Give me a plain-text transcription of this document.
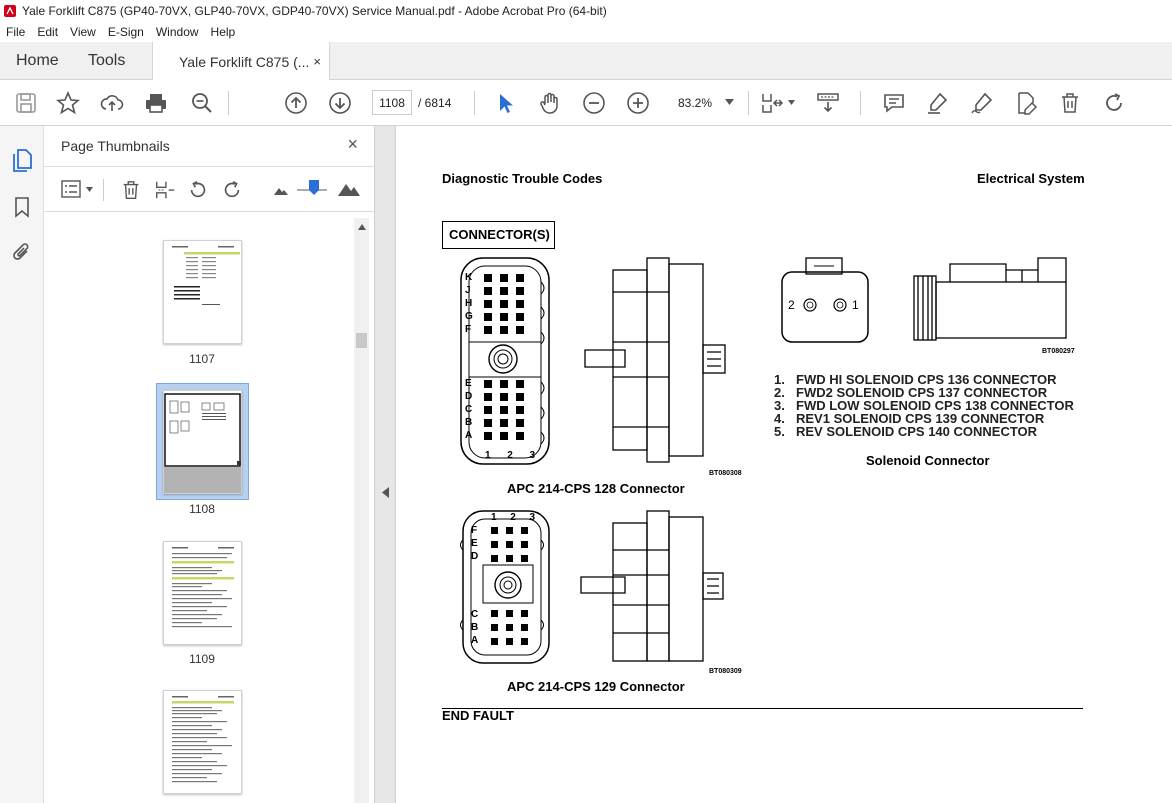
Yale Forklift C875 (GP40-70VX, GLP40-70VX, GDP40-70VX) Service Manual.pdf - Adobe Acrobat Pro (64-bit)
File Edit View E-Sign Window Help
Home Tools	Yale Forklift C875 (... ×
1108	/ 6814	83.2%
Page Thumbnails	×
1107
1108
1109
Diagnostic Trouble Codes	Electrical System
CONNECTOR(S)
K
J
H
G
F
E
D
C
B
A
1 2 3
BT080308
APC 214-CPS 128 Connector
F
E
D
C
B
A
1 2 3
BT080309
APC 214-CPS 129 Connector
2	1
BT080297
1. FWD HI SOLENOID CPS 136 CONNECTOR
2. FWD2 SOLENOID CPS 137 CONNECTOR
3. FWD LOW SOLENOID CPS 138 CONNECTOR
4. REV1 SOLENOID CPS 139 CONNECTOR
5. REV SOLENOID CPS 140 CONNECTOR
Solenoid Connector
END FAULT
